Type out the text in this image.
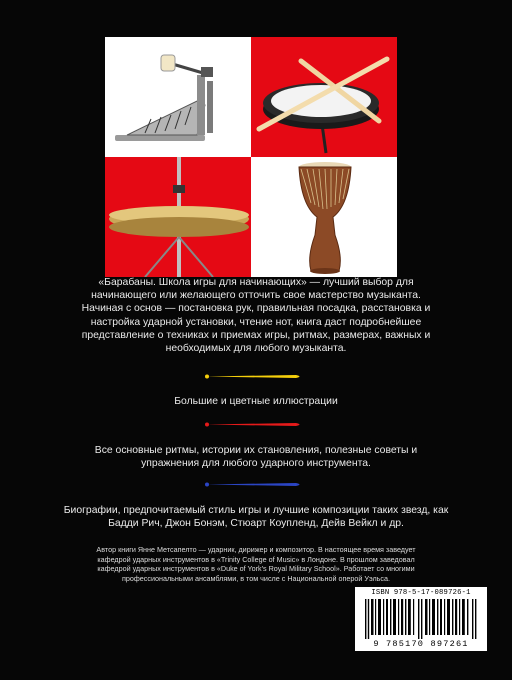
«Барабаны. Школа игры для начинающих» — лучший выбор для начинающего или желающего отточить свое мастерство музыканта. Начиная с основ — постановка рук, правильная посадка, расстановка и настройка ударной установки, чтение нот, книга даст подробнейшее представление о техниках и приемах игры, ритмах, размерах, важных и необходимых для любого музыканта.
Большие и цветные иллюстрации
Все основные ритмы, истории их становления, полезные советы и упражнения для любого ударного инструмента.
Биографии, предпочитаемый стиль игры и лучшие композиции таких звезд, как Бадди Рич, Джон Бонэм, Стюарт Коупленд, Дейв Вейкл и др.
Автор книги Янне Метсапелто — ударник, дирижер и композитор. В настоящее время заведует кафедрой ударных инструментов в «Trinity College of Music» в Лондоне. В прошлом заведовал кафедрой ударных инструментов в «Duke of York's Royal Military School». Работает со многими профессиональными ансамблями, в том числе с Национальной оперой Уэльса.
ISBN 978-5-17-089726-1
9 785170 897261
